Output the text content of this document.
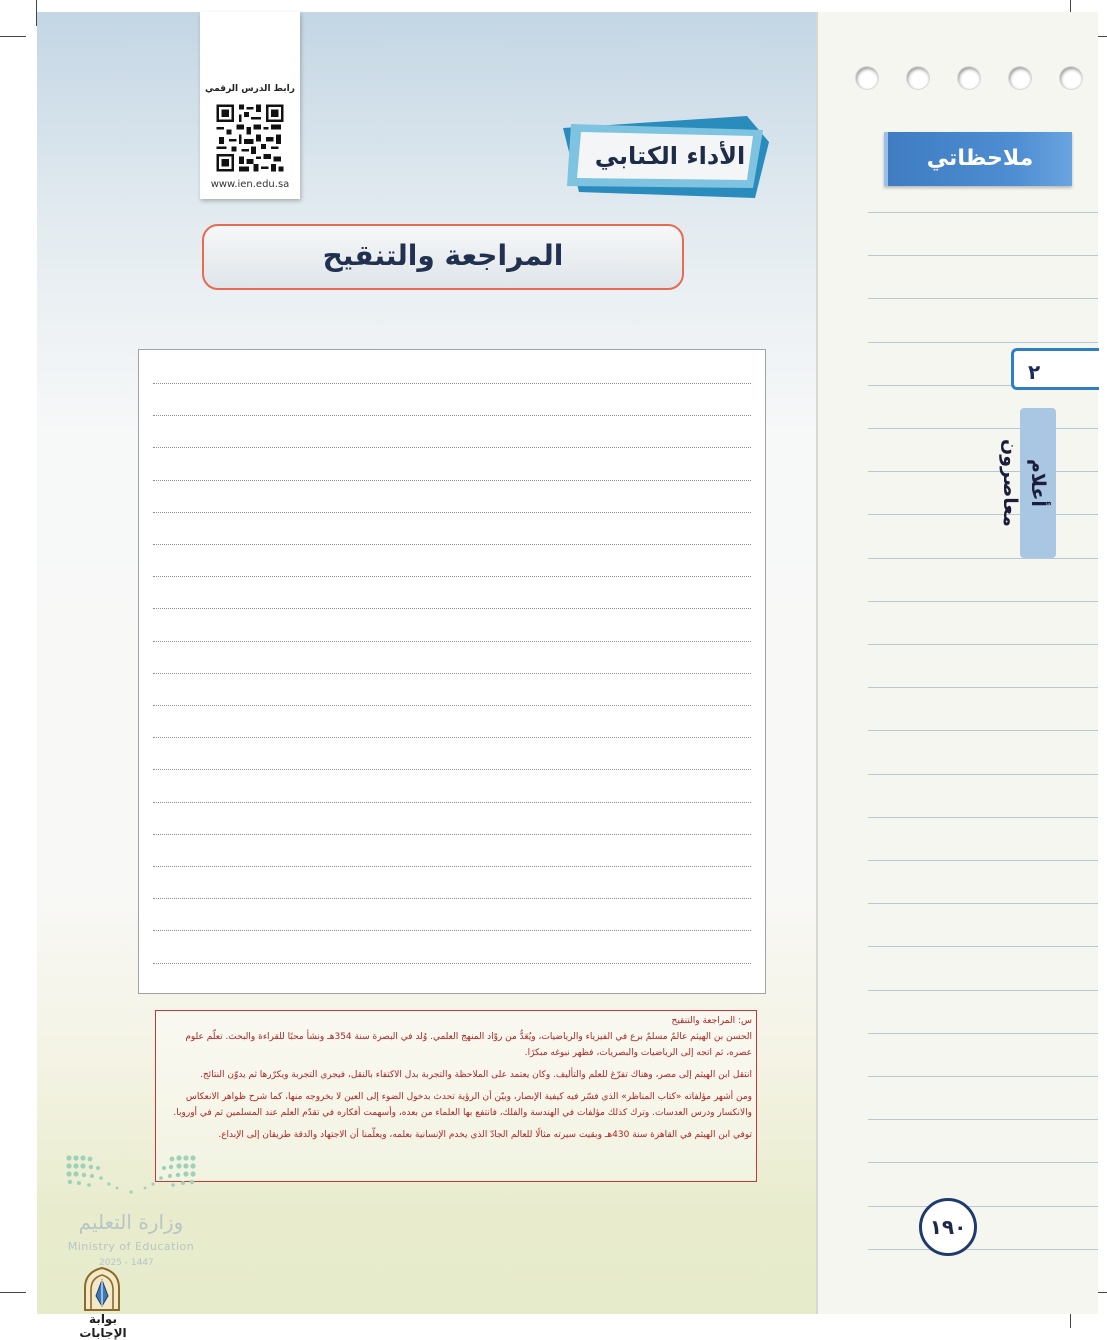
رابط الدرس الرقمي
www.ien.edu.sa
الأداء الكتابي
المراجعة والتنقيح

س: المراجعة والتنقيح

الحسن بن الهيثم عالمٌ مسلمٌ برع في الفيزياء والرياضيات، ويُعَدُّ من روّاد المنهج العلمي. وُلد في البصرة سنة 354هـ ونشأ محبًا للقراءة والبحث. تعلّم علوم عصره، ثم اتجه إلى الرياضيات والبصريات، فظهر نبوغه مبكرًا.

انتقل ابن الهيثم إلى مصر، وهناك تفرّغ للعلم والتأليف. وكان يعتمد على الملاحظة والتجربة بدل الاكتفاء بالنقل، فيجري التجربة ويكرّرها ثم يدوّن النتائج.

ومن أشهر مؤلفاته «كتاب المناظر» الذي فسّر فيه كيفية الإبصار، وبيّن أن الرؤية تحدث بدخول الضوء إلى العين لا بخروجه منها، كما شرح ظواهر الانعكاس والانكسار ودرس العدسات. وترك كذلك مؤلفات في الهندسة والفلك، فانتفع بها العلماء من بعده، وأسهمت أفكاره في تقدّم العلم عند المسلمين ثم في أوروبا.

توفي ابن الهيثم في القاهرة سنة 430هـ وبقيت سيرته مثالًا للعالم الجادّ الذي يخدم الإنسانية بعلمه، ويعلّمنا أن الاجتهاد والدقة طريقان إلى الإبداع.

وزارة التعليم
Ministry of Education
2025 - 1447
بوابة الإجابات
ملاحظاتي
٢
أعلام معاصرون
١٩٠
